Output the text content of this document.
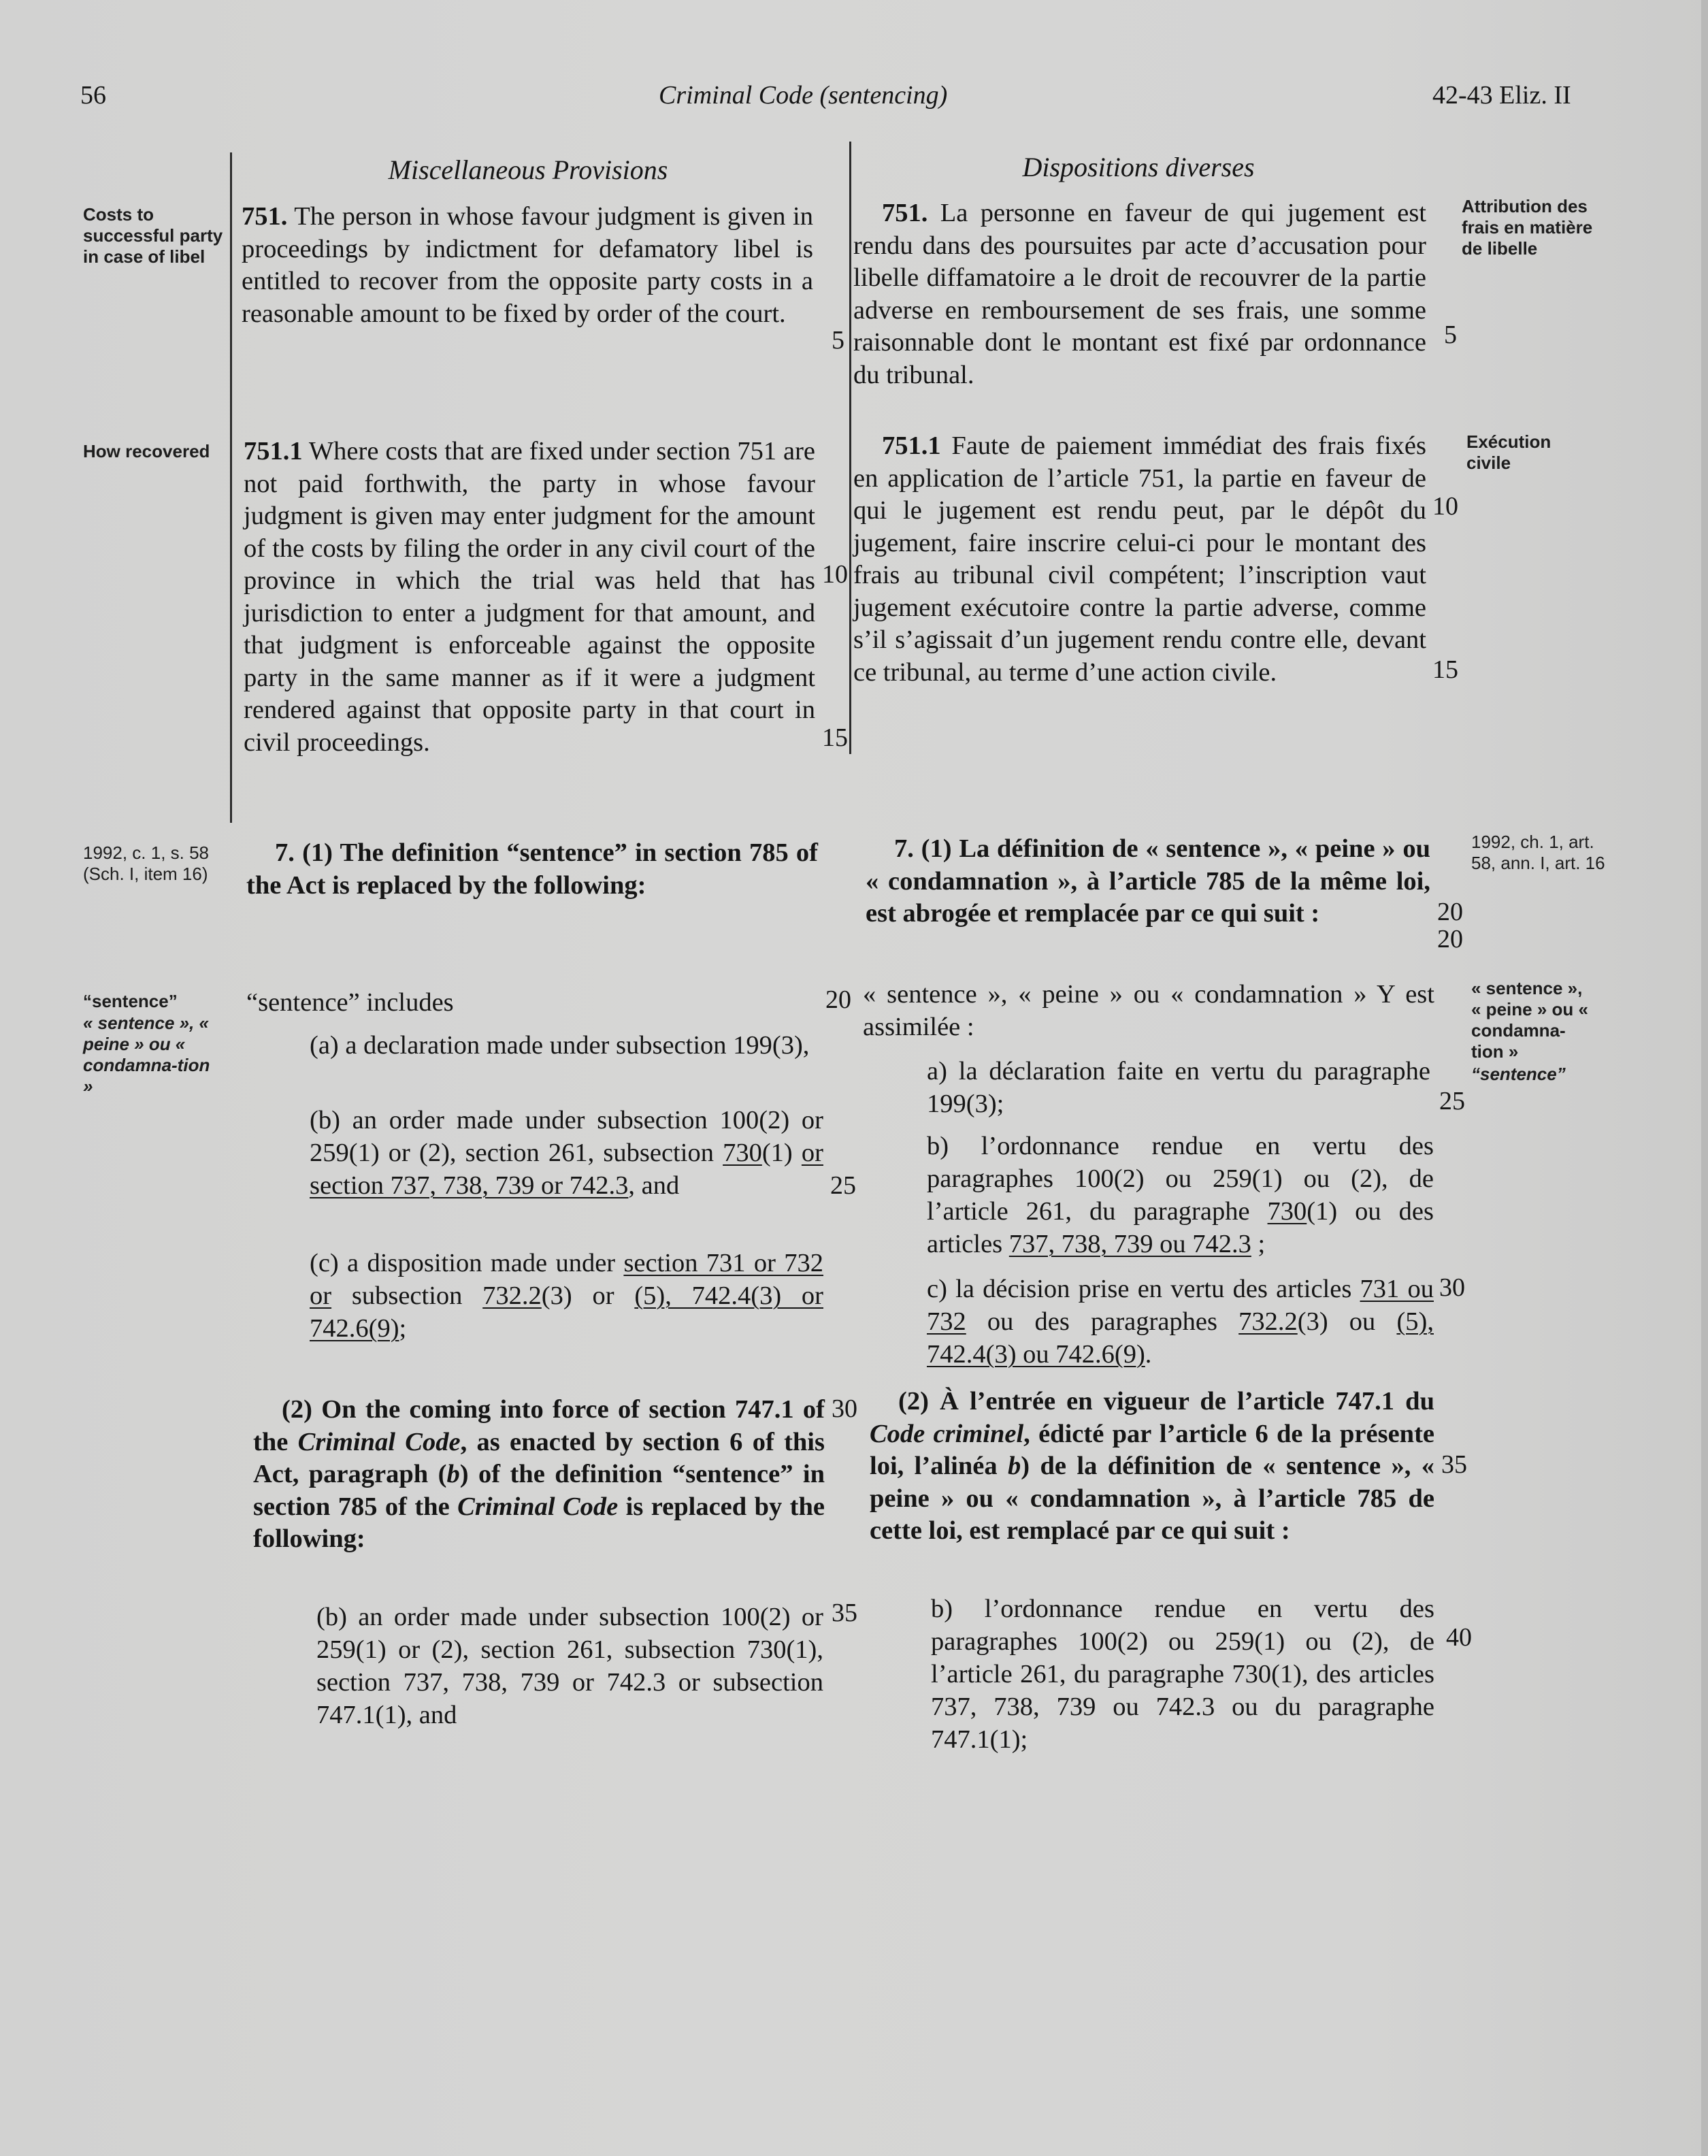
56	Criminal Code (sentencing)	42-43 Eliz. II
Costs to successful party in case of libel
How recovered
1992, c. 1, s. 58 (Sch. I, item 16)
“sentence”
« sentence », « peine » ou « condamna-tion »
Attribution des frais en matière de libelle
Exécution civile
1992, ch. 1, art. 58, ann. I, art. 16
« sentence », « peine » ou « condamna-tion »
“sentence”
Miscellaneous Provisions
751. The person in whose favour judgment is given in proceedings by indictment for defamatory libel is entitled to recover from the opposite party costs in a reasonable amount to be fixed by order of the court.
751.1 Where costs that are fixed under section 751 are not paid forthwith, the party in whose favour judgment is given may enter judgment for the amount of the costs by filing the order in any civil court of the province in which the trial was held that has jurisdiction to enter a judgment for that amount, and that judgment is enforceable against the opposite party in the same manner as if it were a judgment rendered against that opposite party in that court in civil proceedings.
7. (1) The definition “sentence” in section 785 of the Act is replaced by the following:
“sentence” includes
(a) a declaration made under subsection 199(3),
(b) an order made under subsection 100(2) or 259(1) or (2), section 261, subsection 730(1) or section 737, 738, 739 or 742.3, and
(c) a disposition made under section 731 or 732 or subsection 732.2(3) or (5), 742.4(3) or 742.6(9);
(2) On the coming into force of section 747.1 of the Criminal Code, as enacted by section 6 of this Act, paragraph (b) of the definition “sentence” in section 785 of the Criminal Code is replaced by the following:
(b) an order made under subsection 100(2) or 259(1) or (2), section 261, subsection 730(1), section 737, 738, 739 or 742.3 or subsection 747.1(1), and
5
10
15
20
25
30
35
Dispositions diverses
751. La personne en faveur de qui jugement est rendu dans des poursuites par acte d’accusation pour libelle diffamatoire a le droit de recouvrer de la partie adverse en remboursement de ses frais, une somme raisonnable dont le montant est fixé par ordonnance du tribunal.
751.1 Faute de paiement immédiat des frais fixés en application de l’article 751, la partie en faveur de qui le jugement est rendu peut, par le dépôt du jugement, faire inscrire celui-ci pour le montant des frais au tribunal civil compétent; l’inscription vaut jugement exécutoire contre la partie adverse, comme s’il s’agissait d’un jugement rendu contre elle, devant ce tribunal, au terme d’une action civile.
7. (1) La définition de « sentence », « peine » ou « condamnation », à l’article 785 de la même loi, est abrogée et remplacée par ce qui suit :
« sentence », « peine » ou « condamnation » Y est assimilée :
a) la déclaration faite en vertu du paragraphe 199(3);
b) l’ordonnance rendue en vertu des paragraphes 100(2) ou 259(1) ou (2), de l’article 261, du paragraphe 730(1) ou des articles 737, 738, 739 ou 742.3 ;
c) la décision prise en vertu des articles 731 ou 732 ou des paragraphes 732.2(3) ou (5), 742.4(3) ou 742.6(9).
(2) À l’entrée en vigueur de l’article 747.1 du Code criminel, édicté par l’article 6 de la présente loi, l’alinéa b) de la définition de « sentence », « peine » ou « condamnation », à l’article 785 de cette loi, est remplacé par ce qui suit :
b) l’ordonnance rendue en vertu des paragraphes 100(2) ou 259(1) ou (2), de l’article 261, du paragraphe 730(1), des articles 737, 738, 739 ou 742.3 ou du paragraphe 747.1(1);
5
10
15
20
20
25
30
35
40
